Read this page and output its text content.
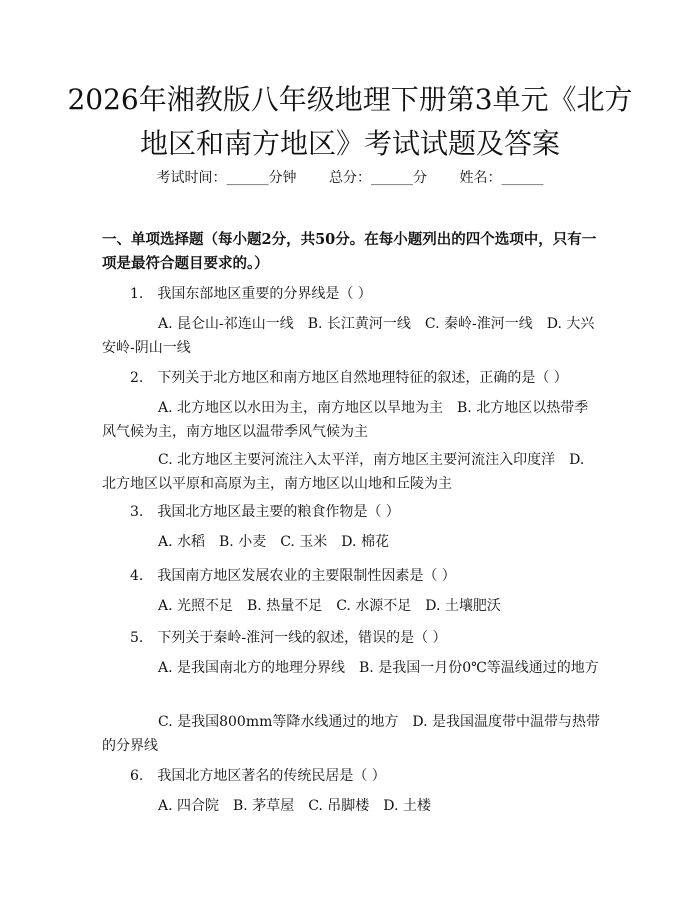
2026年湘教版八年级地理下册第3单元《北方地区和南方地区》考试试题及答案
考试时间：______分钟 总分：______分 姓名：______
一、单项选择题（每小题2分，共50分。在每小题列出的四个选项中，只有一项是最符合题目要求的。）

1.　我国东部地区重要的分界线是（ ）

A. 昆仑山-祁连山一线　B. 长江黄河一线　C. 秦岭-淮河一线　D. 大兴安岭-阴山一线

2.　下列关于北方地区和南方地区自然地理特征的叙述，正确的是（ ）

A. 北方地区以水田为主，南方地区以旱地为主　B. 北方地区以热带季风气候为主，南方地区以温带季风气候为主

C. 北方地区主要河流注入太平洋，南方地区主要河流注入印度洋　D. 北方地区以平原和高原为主，南方地区以山地和丘陵为主

3.　我国北方地区最主要的粮食作物是（ ）

A. 水稻　B. 小麦　C. 玉米　D. 棉花

4.　我国南方地区发展农业的主要限制性因素是（ ）

A. 光照不足　B. 热量不足　C. 水源不足　D. 土壤肥沃

5.　下列关于秦岭-淮河一线的叙述，错误的是（ ）

A. 是我国南北方的地理分界线　B. 是我国一月份0℃等温线通过的地方

C. 是我国800mm等降水线通过的地方　D. 是我国温度带中温带与热带的分界线

6.　我国北方地区著名的传统民居是（ ）

A. 四合院　B. 茅草屋　C. 吊脚楼　D. 土楼
